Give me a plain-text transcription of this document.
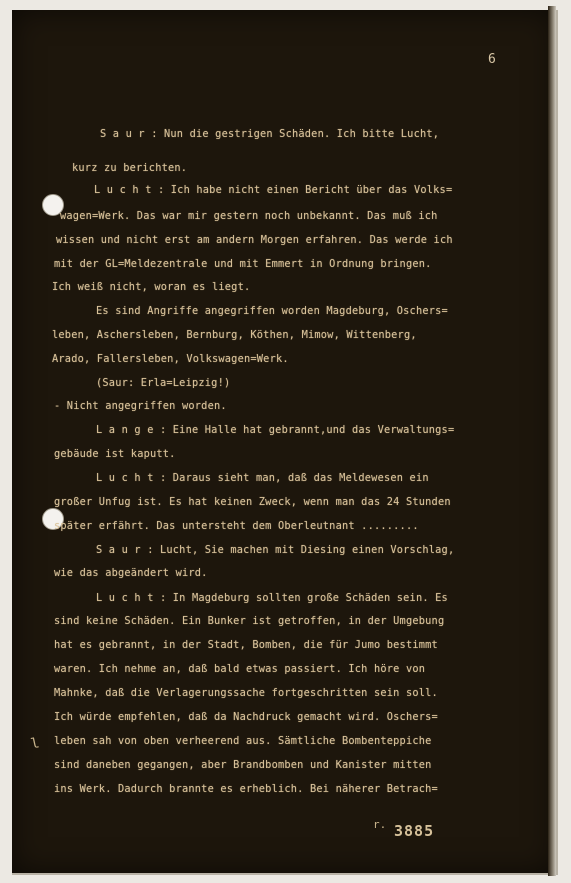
6
S a u r : Nun die gestrigen Schäden. Ich bitte Lucht,
kurz zu berichten.
L u c h t : Ich habe nicht einen Bericht über das Volks=
wagen=Werk. Das war mir gestern noch unbekannt. Das muß ich
wissen und nicht erst am andern Morgen erfahren. Das werde ich
mit der GL=Meldezentrale und mit Emmert in Ordnung bringen.
Ich weiß nicht, woran es liegt.
Es sind Angriffe angegriffen worden Magdeburg, Oschers=
leben, Aschersleben, Bernburg, Köthen, Mimow, Wittenberg,
Arado, Fallersleben, Volkswagen=Werk.
(Saur: Erla=Leipzig!)
- Nicht angegriffen worden.
L a n g e : Eine Halle hat gebrannt,und das Verwaltungs=
gebäude ist kaputt.
L u c h t : Daraus sieht man, daß das Meldewesen ein
großer Unfug ist. Es hat keinen Zweck, wenn man das 24 Stunden
später erfährt. Das untersteht dem Oberleutnant .........
S a u r : Lucht, Sie machen mit Diesing einen Vorschlag,
wie das abgeändert wird.
L u c h t : In Magdeburg sollten große Schäden sein. Es
sind keine Schäden. Ein Bunker ist getroffen, in der Umgebung
hat es gebrannt, in der Stadt, Bomben, die für Jumo bestimmt
waren. Ich nehme an, daß bald etwas passiert. Ich höre von
Mahnke, daß die Verlagerungssache fortgeschritten sein soll.
Ich würde empfehlen, daß da Nachdruck gemacht wird. Oschers=
leben sah von oben verheerend aus. Sämtliche Bombenteppiche
sind daneben gegangen, aber Brandbomben und Kanister mitten
ins Werk. Dadurch brannte es erheblich. Bei näherer Betrach=
l
r. 3885
